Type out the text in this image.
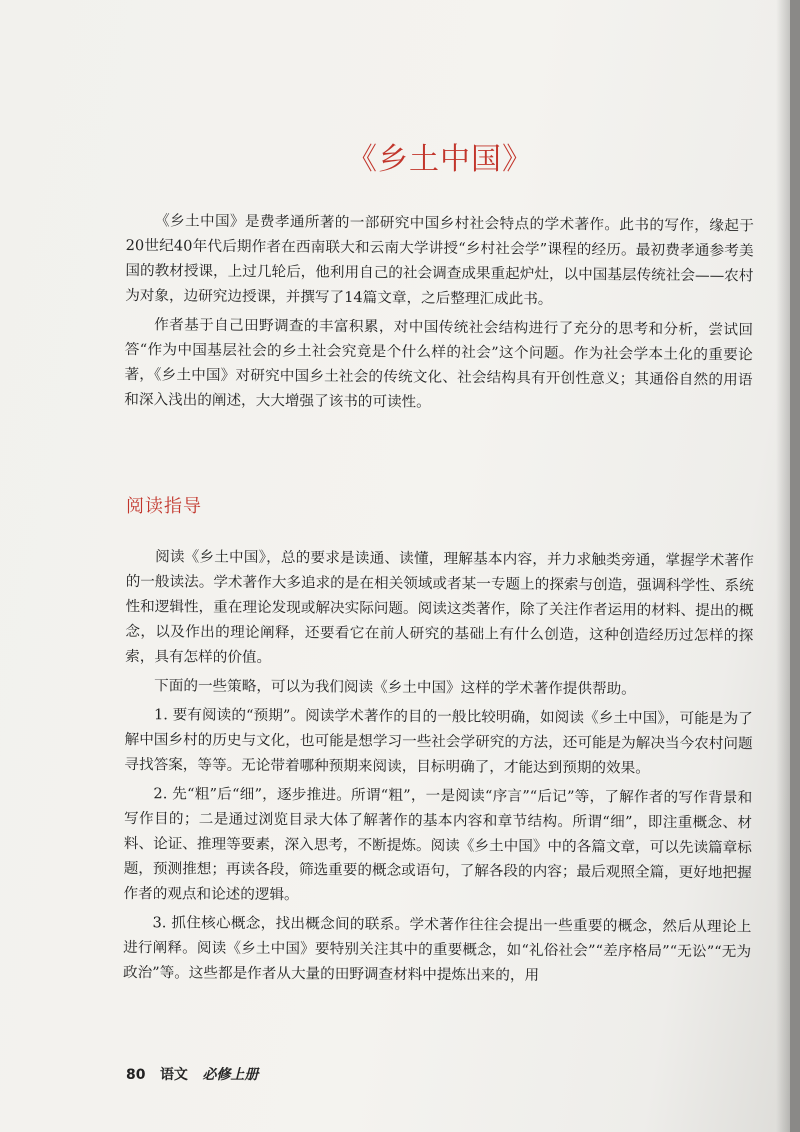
《乡土中国》

《乡土中国》是费孝通所著的一部研究中国乡村社会特点的学术著作。此书的写作，缘起于20世纪40年代后期作者在西南联大和云南大学讲授“乡村社会学”课程的经历。最初费孝通参考美国的教材授课，上过几轮后，他利用自己的社会调查成果重起炉灶，以中国基层传统社会——农村为对象，边研究边授课，并撰写了14篇文章，之后整理汇成此书。

作者基于自己田野调查的丰富积累，对中国传统社会结构进行了充分的思考和分析，尝试回答“作为中国基层社会的乡土社会究竟是个什么样的社会”这个问题。作为社会学本土化的重要论著，《乡土中国》对研究中国乡土社会的传统文化、社会结构具有开创性意义；其通俗自然的用语和深入浅出的阐述，大大增强了该书的可读性。

阅读指导

阅读《乡土中国》，总的要求是读通、读懂，理解基本内容，并力求触类旁通，掌握学术著作的一般读法。学术著作大多追求的是在相关领域或者某一专题上的探索与创造，强调科学性、系统性和逻辑性，重在理论发现或解决实际问题。阅读这类著作，除了关注作者运用的材料、提出的概念，以及作出的理论阐释，还要看它在前人研究的基础上有什么创造，这种创造经历过怎样的探索，具有怎样的价值。

下面的一些策略，可以为我们阅读《乡土中国》这样的学术著作提供帮助。

1. 要有阅读的“预期”。阅读学术著作的目的一般比较明确，如阅读《乡土中国》，可能是为了解中国乡村的历史与文化，也可能是想学习一些社会学研究的方法，还可能是为解决当今农村问题寻找答案，等等。无论带着哪种预期来阅读，目标明确了，才能达到预期的效果。

2. 先“粗”后“细”，逐步推进。所谓“粗”，一是阅读“序言”“后记”等，了解作者的写作背景和写作目的；二是通过浏览目录大体了解著作的基本内容和章节结构。所谓“细”，即注重概念、材料、论证、推理等要素，深入思考，不断提炼。阅读《乡土中国》中的各篇文章，可以先读篇章标题，预测推想；再读各段，筛选重要的概念或语句，了解各段的内容；最后观照全篇，更好地把握作者的观点和论述的逻辑。

3. 抓住核心概念，找出概念间的联系。学术著作往往会提出一些重要的概念，然后从理论上进行阐释。阅读《乡土中国》要特别关注其中的重要概念，如“礼俗社会”“差序格局”“无讼”“无为政治”等。这些都是作者从大量的田野调查材料中提炼出来的，用

80 语文 必修上册
